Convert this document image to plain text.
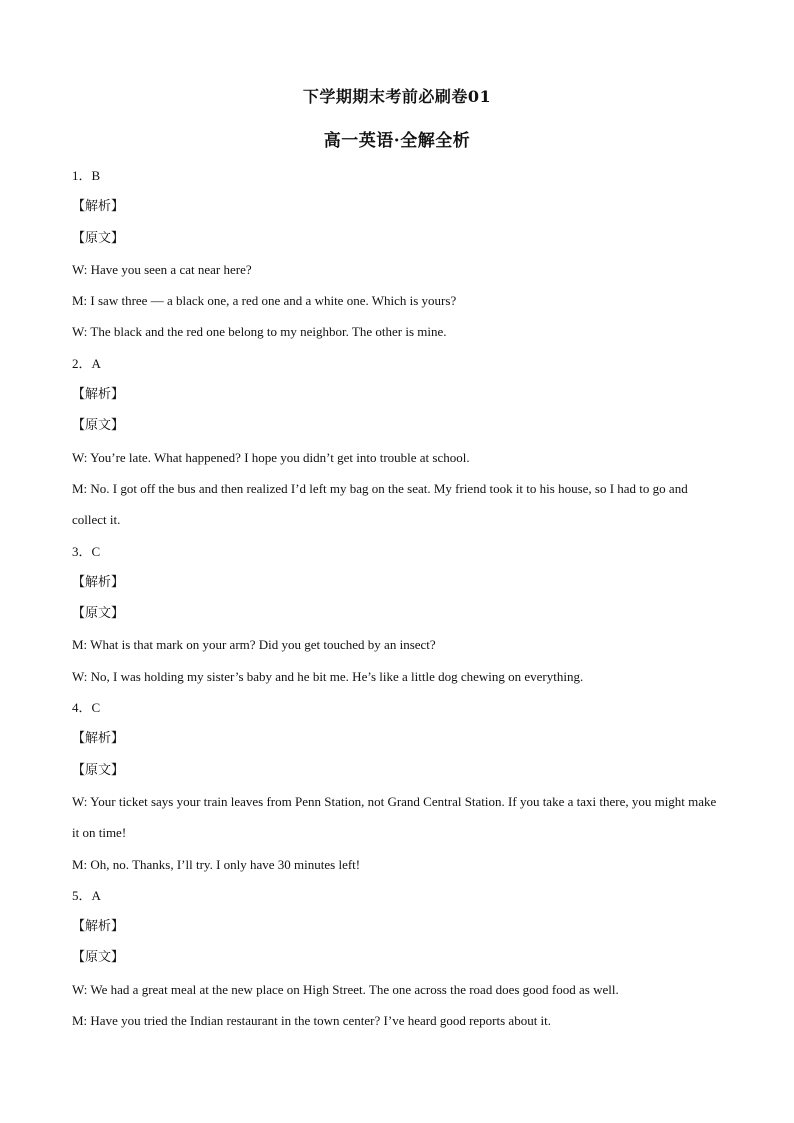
下学期期末考前必刷卷01
高一英语·全解全析
1．B
【解析】
【原文】
W: Have you seen a cat near here?
M: I saw three — a black one, a red one and a white one. Which is yours?
W: The black and the red one belong to my neighbor. The other is mine.
2．A
【解析】
【原文】
W: You’re late. What happened? I hope you didn’t get into trouble at school.
M: No. I got off the bus and then realized I’d left my bag on the seat. My friend took it to his house, so I had to go and collect it.
3．C
【解析】
【原文】
M: What is that mark on your arm? Did you get touched by an insect?
W: No, I was holding my sister’s baby and he bit me. He’s like a little dog chewing on everything.
4．C
【解析】
【原文】
W: Your ticket says your train leaves from Penn Station, not Grand Central Station. If you take a taxi there, you might make it on time!
M: Oh, no. Thanks, I’ll try. I only have 30 minutes left!
5．A
【解析】
【原文】
W: We had a great meal at the new place on High Street. The one across the road does good food as well.
M: Have you tried the Indian restaurant in the town center? I’ve heard good reports about it.
